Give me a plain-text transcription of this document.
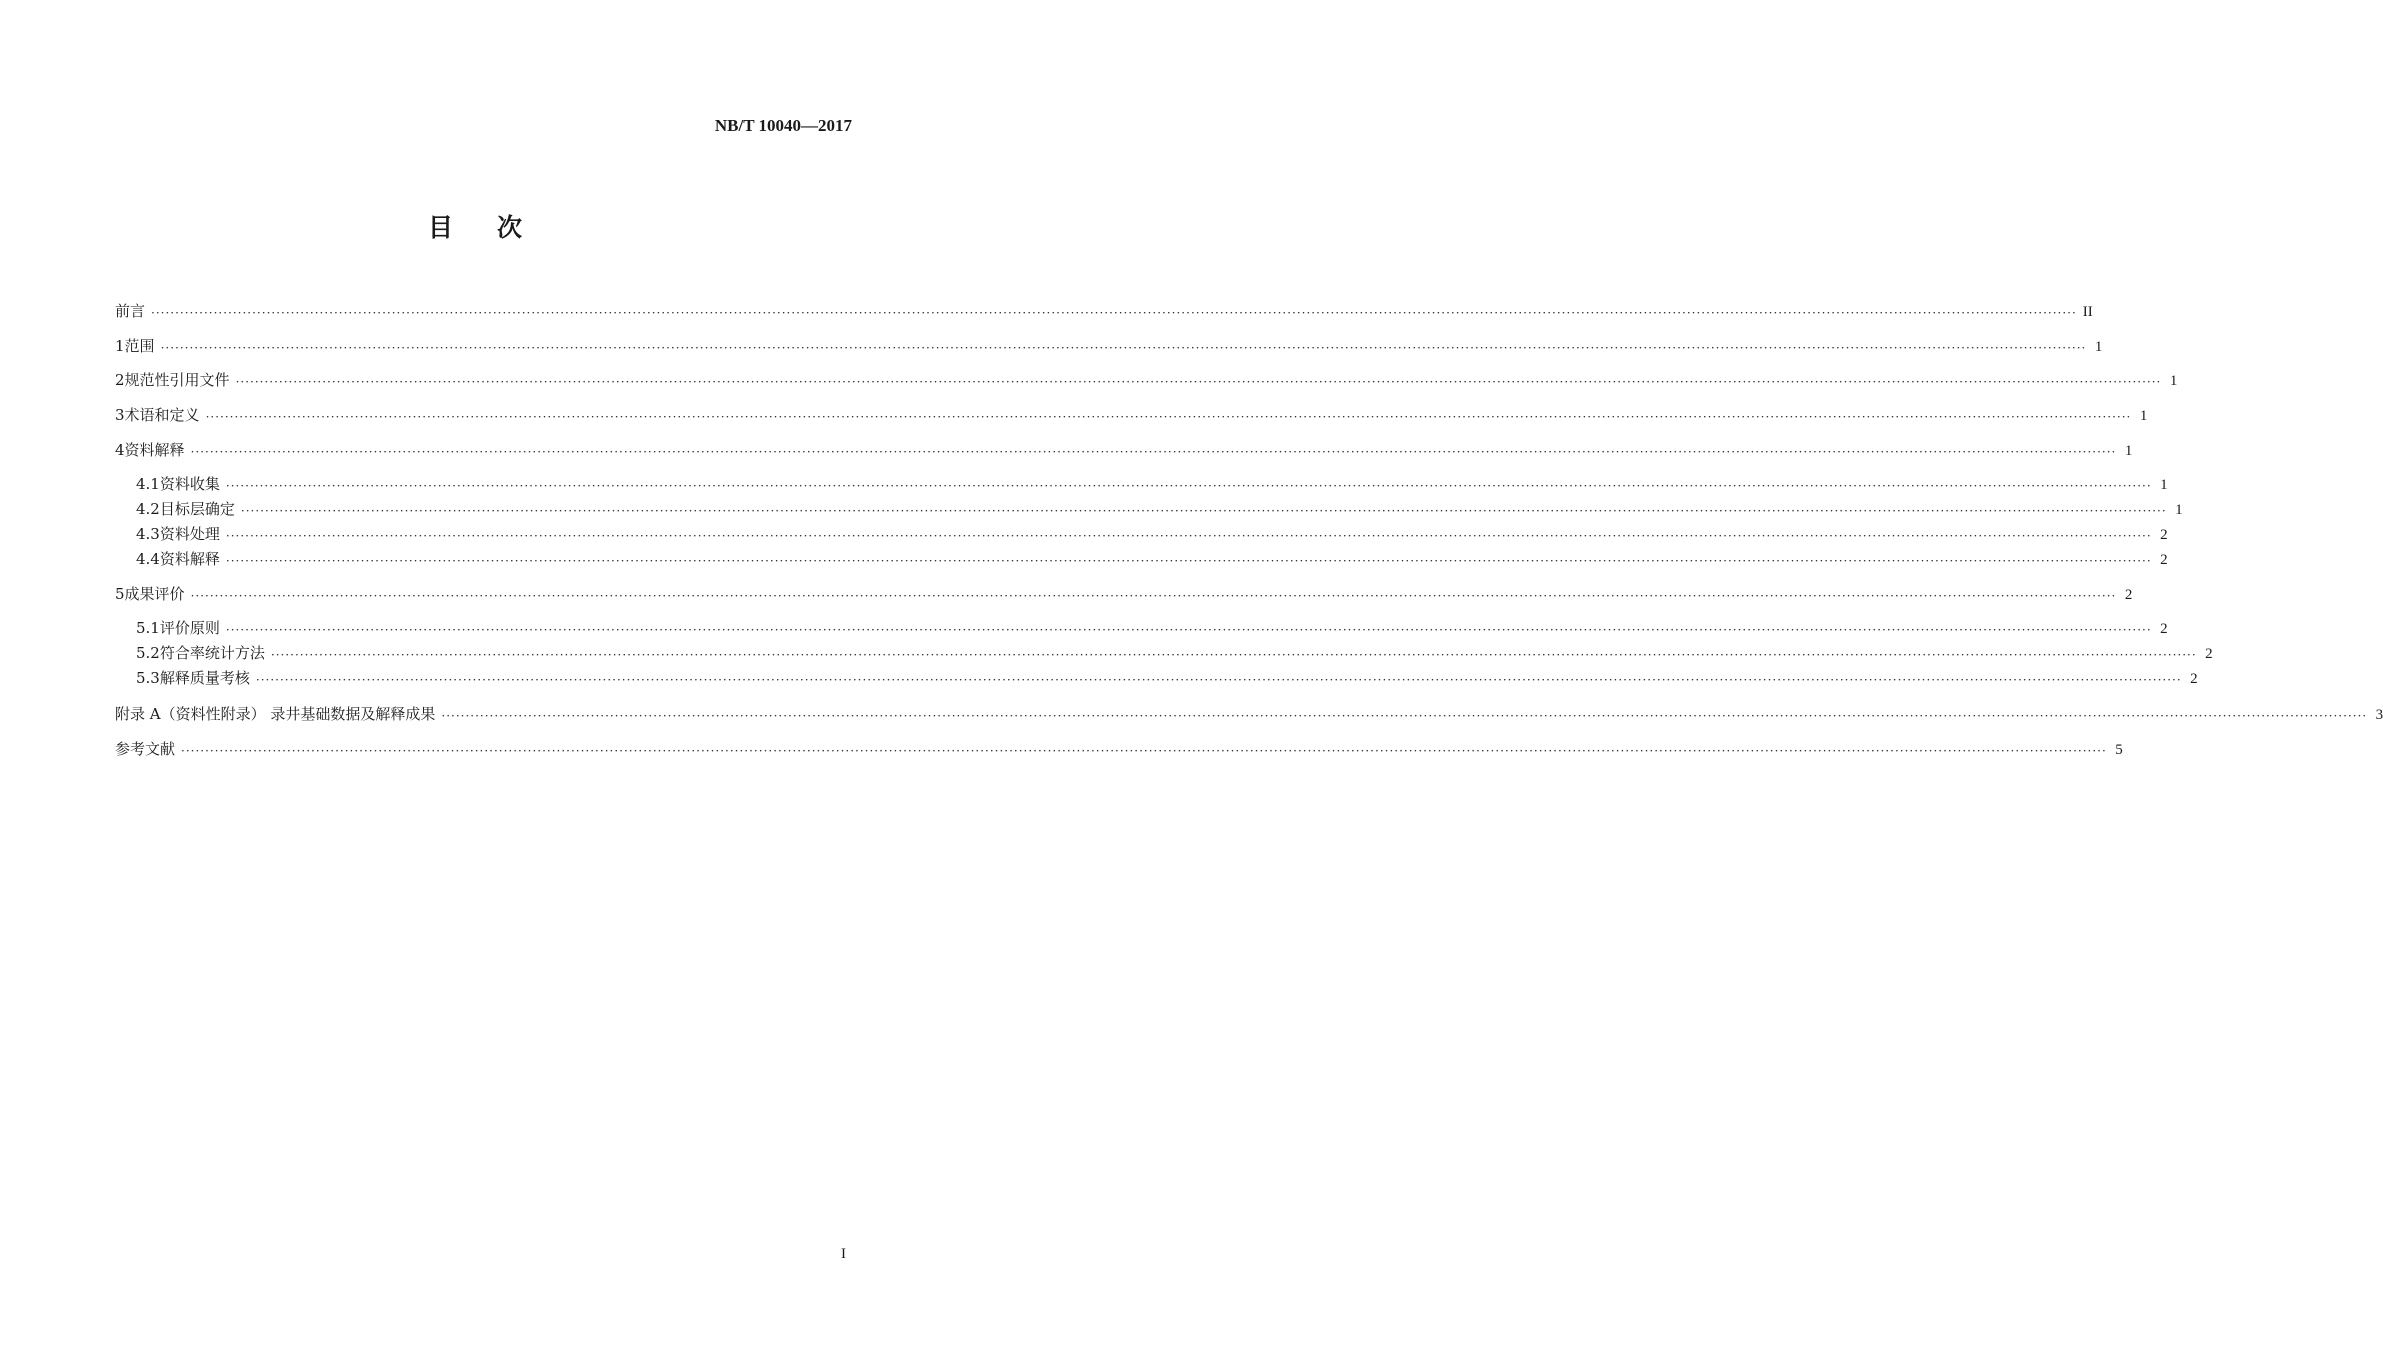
NB/T 10040—2017
目次
前言 ················································································································································································································································································································································································································ II
1 范围 ················································································································································································································································································································································································································ 1
2 规范性引用文件 ················································································································································································································································································································································································································ 1
3 术语和定义 ················································································································································································································································································································································································································ 1
4 资料解释 ················································································································································································································································································································································································································ 1
4.1 资料收集 ················································································································································································································································································································································································································ 1
4.2 目标层确定 ················································································································································································································································································································································································································ 1
4.3 资料处理 ················································································································································································································································································································································································································ 2
4.4 资料解释 ················································································································································································································································································································································································································ 2
5 成果评价 ················································································································································································································································································································································································································ 2
5.1 评价原则 ················································································································································································································································································································································································································ 2
5.2 符合率统计方法 ················································································································································································································································································································································································································ 2
5.3 解释质量考核 ················································································································································································································································································································································································································ 2
附录 A（资料性附录） 录井基础数据及解释成果 ················································································································································································································································································································································································································ 3
参考文献 ················································································································································································································································································································································································································ 5
I
